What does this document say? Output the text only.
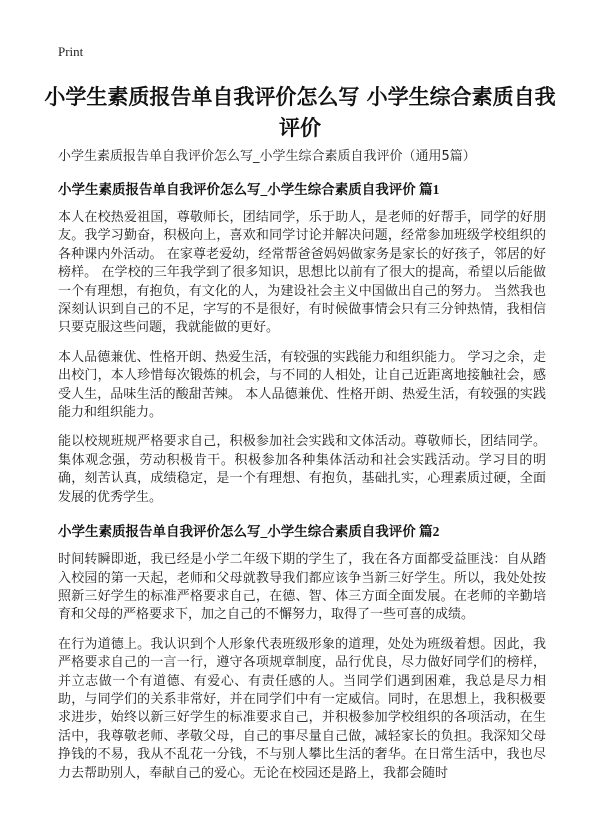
Print
小学生素质报告单自我评价怎么写 小学生综合素质自我评价
小学生素质报告单自我评价怎么写_小学生综合素质自我评价（通用5篇）
小学生素质报告单自我评价怎么写_小学生综合素质自我评价 篇1
本人在校热爱祖国，尊敬师长，团结同学，乐于助人，是老师的好帮手，同学的好朋友。我学习勤奋，积极向上，喜欢和同学讨论并解决问题，经常参加班级学校组织的各种课内外活动。 在家尊老爱幼，经常帮爸爸妈妈做家务是家长的好孩子，邻居的好榜样。 在学校的三年我学到了很多知识，思想比以前有了很大的提高，希望以后能做一个有理想，有抱负，有文化的人，为建设社会主义中国做出自己的努力。 当然我也深刻认识到自己的不足，字写的不是很好，有时候做事情会只有三分钟热情，我相信只要克服这些问题，我就能做的更好。
本人品德兼优、性格开朗、热爱生活，有较强的实践能力和组织能力。 学习之余，走出校门，本人珍惜每次锻炼的机会，与不同的人相处，让自己近距离地接触社会，感受人生，品味生活的酸甜苦辣。 本人品德兼优、性格开朗、热爱生活，有较强的实践能力和组织能力。
能以校规班规严格要求自己，积极参加社会实践和文体活动。尊敬师长，团结同学。集体观念强，劳动积极肯干。积极参加各种集体活动和社会实践活动。学习目的明确，刻苦认真，成绩稳定，是一个有理想、有抱负，基础扎实，心理素质过硬，全面发展的优秀学生。
小学生素质报告单自我评价怎么写_小学生综合素质自我评价 篇2
时间转瞬即逝，我已经是小学二年级下期的学生了，我在各方面都受益匪浅：自从踏入校园的第一天起，老师和父母就教导我们都应该争当新三好学生。所以，我处处按照新三好学生的标准严格要求自己，在德、智、体三方面全面发展。在老师的辛勤培育和父母的严格要求下，加之自己的不懈努力，取得了一些可喜的成绩。
在行为道德上。我认识到个人形象代表班级形象的道理，处处为班级着想。因此，我严格要求自己的一言一行，遵守各项规章制度，品行优良，尽力做好同学们的榜样，并立志做一个有道德、有爱心、有责任感的人。当同学们遇到困难，我总是尽力相助，与同学们的关系非常好，并在同学们中有一定威信。同时，在思想上，我积极要求进步，始终以新三好学生的标准要求自己，并积极参加学校组织的各项活动，在生活中，我尊敬老师、孝敬父母，自己的事尽量自己做，减轻家长的负担。我深知父母挣钱的不易，我从不乱花一分钱，不与别人攀比生活的奢华。在日常生活中，我也尽力去帮助别人，奉献自己的爱心。无论在校园还是路上，我都会随时
